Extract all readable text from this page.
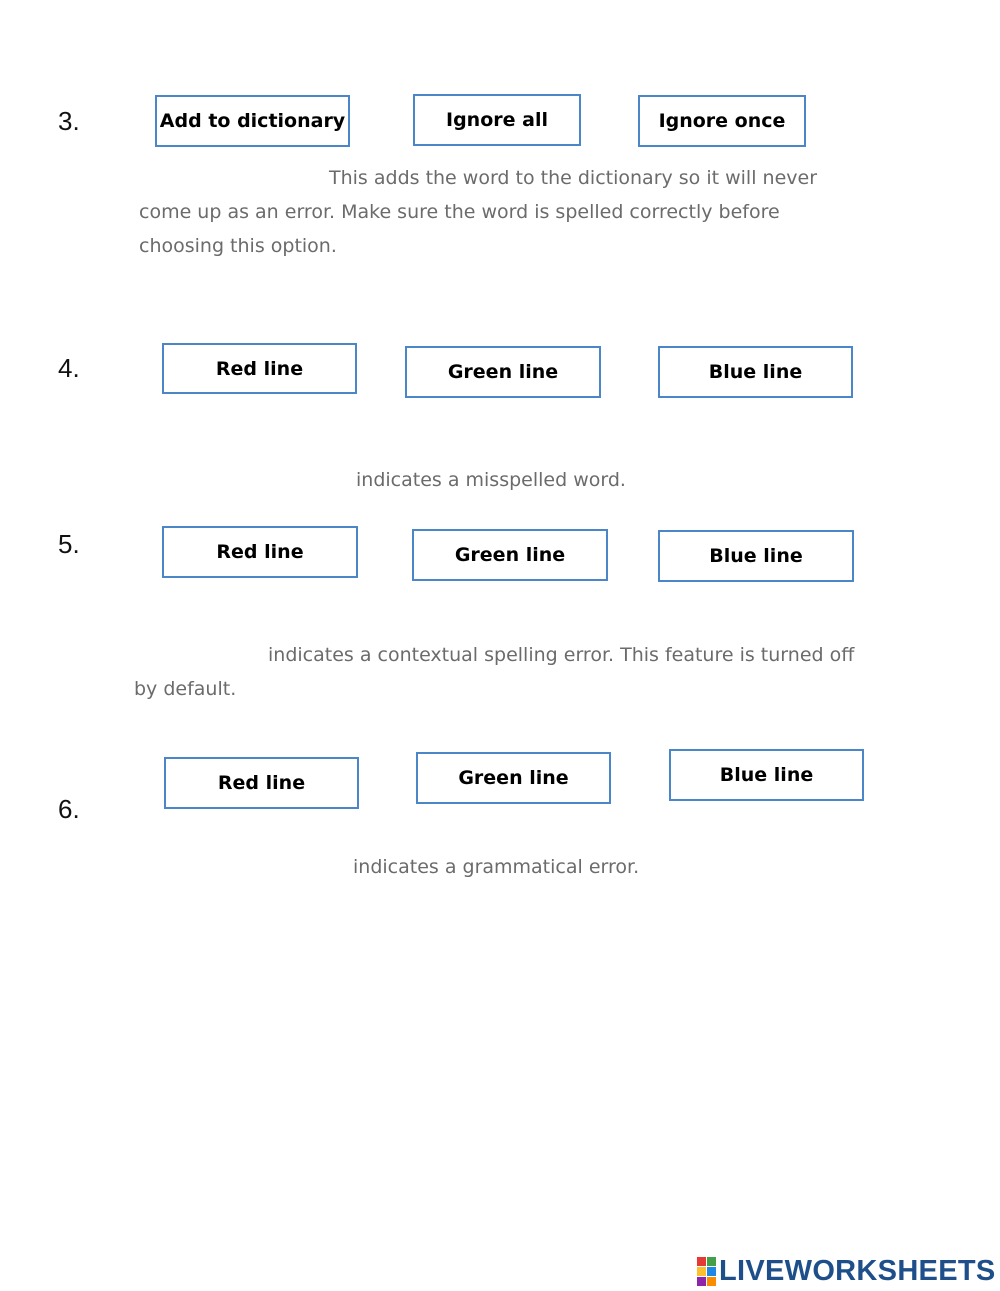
3.	Add to dictionary	Ignore all	Ignore once
This adds the word to the dictionary so it will never
come up as an error. Make sure the word is spelled correctly before
choosing this option.
4.	Red line	Green line	Blue line
indicates a misspelled word.
5.	Red line	Green line	Blue line
indicates a contextual spelling error. This feature is turned off
by default.
6.
Red line	Green line	Blue line
indicates a grammatical error.
LIVEWORKSHEETS
